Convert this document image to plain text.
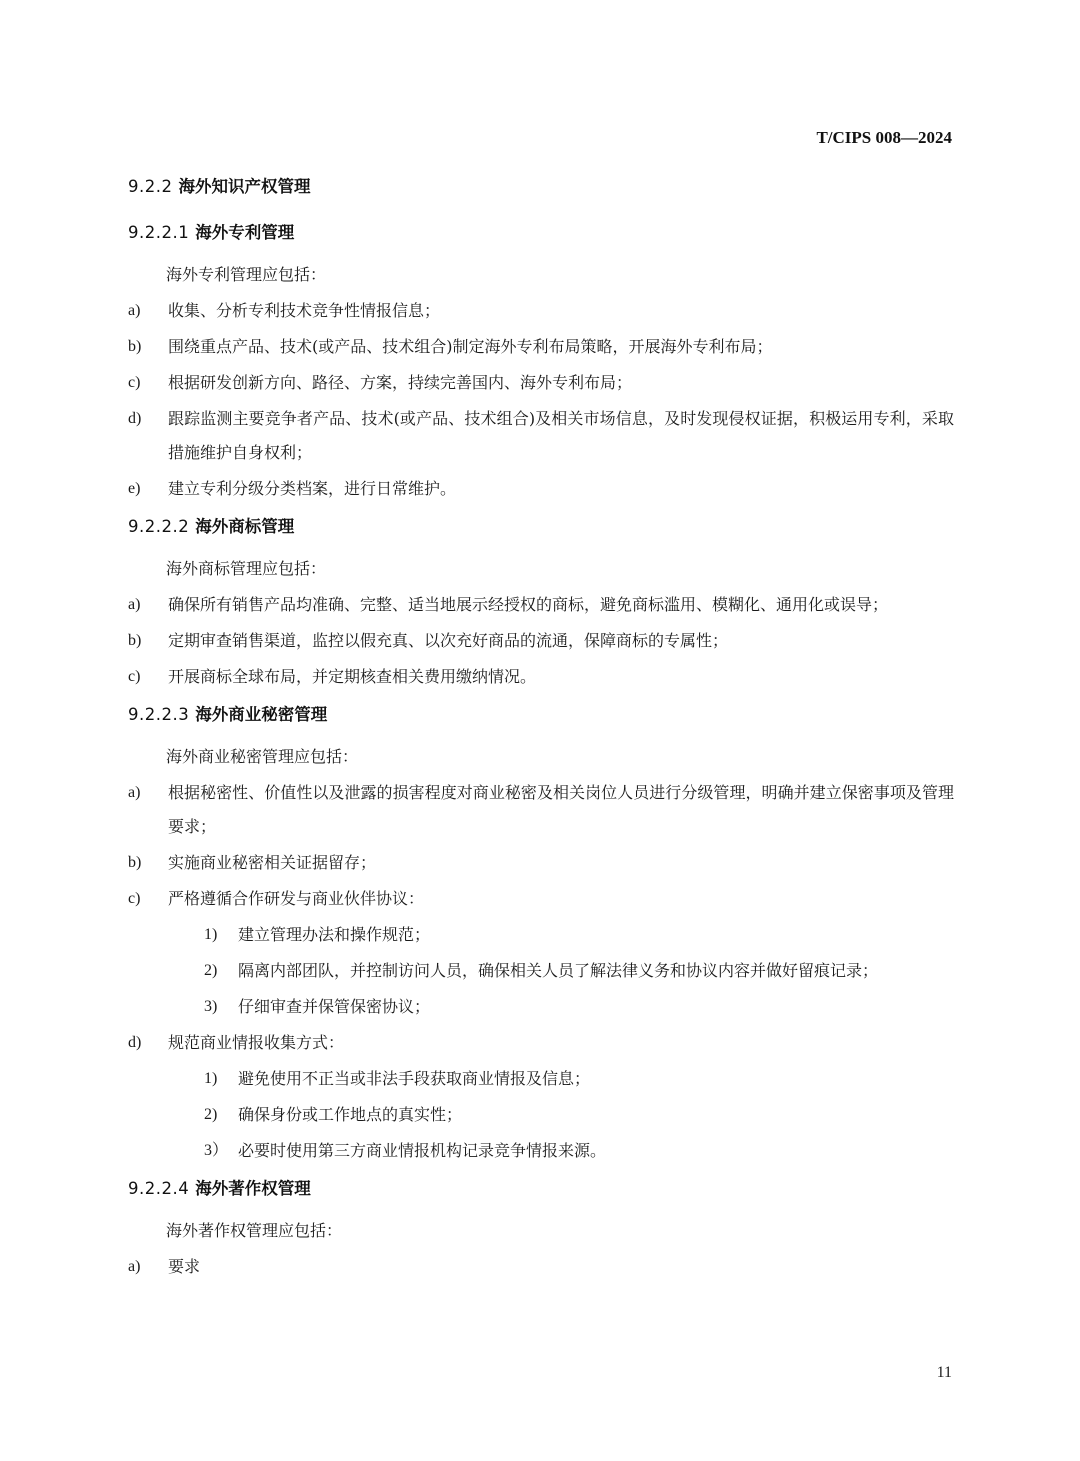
T/CIPS 008—2024
9.2.2 海外知识产权管理
9.2.2.1 海外专利管理
海外专利管理应包括：
a)	收集、分析专利技术竞争性情报信息；
b)	围绕重点产品、技术(或产品、技术组合)制定海外专利布局策略，开展海外专利布局；
c)	根据研发创新方向、路径、方案，持续完善国内、海外专利布局；
d)	跟踪监测主要竞争者产品、技术(或产品、技术组合)及相关市场信息，及时发现侵权证据，积极运用专利，采取措施维护自身权利；
e)	建立专利分级分类档案，进行日常维护。
9.2.2.2 海外商标管理
海外商标管理应包括：
a)	确保所有销售产品均准确、完整、适当地展示经授权的商标，避免商标滥用、模糊化、通用化或误导；
b)	定期审查销售渠道，监控以假充真、以次充好商品的流通，保障商标的专属性；
c)	开展商标全球布局，并定期核查相关费用缴纳情况。
9.2.2.3 海外商业秘密管理
海外商业秘密管理应包括：
a)	根据秘密性、价值性以及泄露的损害程度对商业秘密及相关岗位人员进行分级管理，明确并建立保密事项及管理要求；
b)	实施商业秘密相关证据留存；
c)	严格遵循合作研发与商业伙伴协议：
1)	建立管理办法和操作规范；
2)	隔离内部团队，并控制访问人员，确保相关人员了解法律义务和协议内容并做好留痕记录；
3)	仔细审查并保管保密协议；
d)	规范商业情报收集方式：
1)	避免使用不正当或非法手段获取商业情报及信息；
2)	确保身份或工作地点的真实性；
3） 必要时使用第三方商业情报机构记录竞争情报来源。
9.2.2.4 海外著作权管理
海外著作权管理应包括：
a)	要求
11
